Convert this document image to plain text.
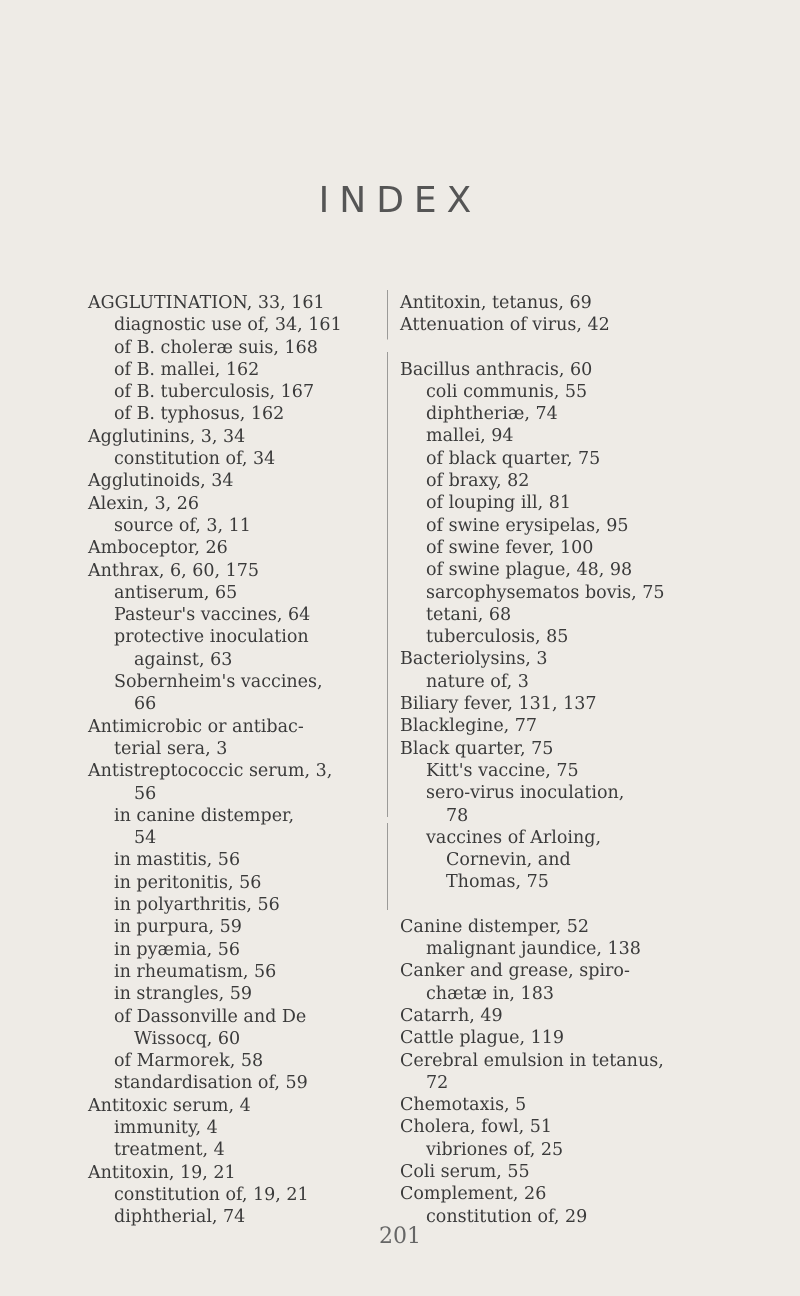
INDEX
AGGLUTINATION, 33, 161
diagnostic use of, 34, 161
of B. choleræ suis, 168
of B. mallei, 162
of B. tuberculosis, 167
of B. typhosus, 162
Agglutinins, 3, 34
constitution of, 34
Agglutinoids, 34
Alexin, 3, 26
source of, 3, 11
Amboceptor, 26
Anthrax, 6, 60, 175
antiserum, 65
Pasteur's vaccines, 64
protective inoculation
against, 63
Sobernheim's vaccines,
66
Antimicrobic or antibac-
terial sera, 3
Antistreptococcic serum, 3,
56
in canine distemper,
54
in mastitis, 56
in peritonitis, 56
in polyarthritis, 56
in purpura, 59
in pyæmia, 56
in rheumatism, 56
in strangles, 59
of Dassonville and De
Wissocq, 60
of Marmorek, 58
standardisation of, 59
Antitoxic serum, 4
immunity, 4
treatment, 4
Antitoxin, 19, 21
constitution of, 19, 21
diphtherial, 74
Antitoxin, tetanus, 69
Attenuation of virus, 42
Bacillus anthracis, 60
coli communis, 55
diphtheriæ, 74
mallei, 94
of black quarter, 75
of braxy, 82
of louping ill, 81
of swine erysipelas, 95
of swine fever, 100
of swine plague, 48, 98
sarcophysematos bovis, 75
tetani, 68
tuberculosis, 85
Bacteriolysins, 3
nature of, 3
Biliary fever, 131, 137
Blacklegine, 77
Black quarter, 75
Kitt's vaccine, 75
sero-virus inoculation,
78
vaccines of Arloing,
Cornevin, and
Thomas, 75
Canine distemper, 52
malignant jaundice, 138
Canker and grease, spiro-
chætæ in, 183
Catarrh, 49
Cattle plague, 119
Cerebral emulsion in tetanus,
72
Chemotaxis, 5
Cholera, fowl, 51
vibriones of, 25
Coli serum, 55
Complement, 26
constitution of, 29
201
